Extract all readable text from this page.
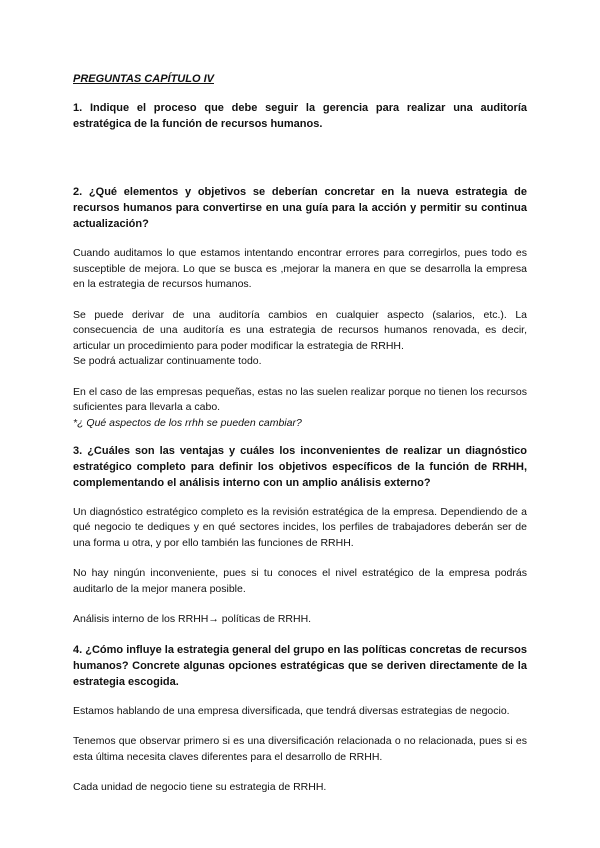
PREGUNTAS CAPÍTULO IV

1. Indique el proceso que debe seguir la gerencia para realizar una auditoría estratégica de la función de recursos humanos.

2. ¿Qué elementos y objetivos se deberían concretar en la nueva estrategia de recursos humanos para convertirse en una guía para la acción y permitir su continua actualización?

Cuando auditamos lo que estamos intentando encontrar errores para corregirlos, pues todo es susceptible de mejora. Lo que se busca es ,mejorar la manera en que se desarrolla la empresa en la estrategia de recursos humanos.

Se puede derivar de una auditoría cambios en cualquier aspecto (salarios, etc.). La consecuencia de una auditoría es una estrategia de recursos humanos renovada, es decir, articular un procedimiento para poder modificar la estrategia de RRHH.

Se podrá actualizar continuamente todo.

En el caso de las empresas pequeñas, estas no las suelen realizar porque no tienen los recursos suficientes para llevarla a cabo.

*¿ Qué aspectos de los rrhh se pueden cambiar?

3. ¿Cuáles son las ventajas y cuáles los inconvenientes de realizar un diagnóstico estratégico completo para definir los objetivos específicos de la función de RRHH, complementando el análisis interno con un amplio análisis externo?

Un diagnóstico estratégico completo es la revisión estratégica de la empresa. Dependiendo de a qué negocio te dediques y en qué sectores incides, los perfiles de trabajadores deberán ser de una forma u otra, y por ello también las funciones de RRHH.

No hay ningún inconveniente, pues si tu conoces el nivel estratégico de la empresa podrás auditarlo de la mejor manera posible.

Análisis interno de los RRHH→ políticas de RRHH.

4. ¿Cómo influye la estrategia general del grupo en las políticas concretas de recursos humanos? Concrete algunas opciones estratégicas que se deriven directamente de la estrategia escogida.

Estamos hablando de una empresa diversificada, que tendrá diversas estrategias de negocio.

Tenemos que observar primero si es una diversificación relacionada o no relacionada, pues si es esta última necesita claves diferentes para el desarrollo de RRHH.

Cada unidad de negocio tiene su estrategia de RRHH.
